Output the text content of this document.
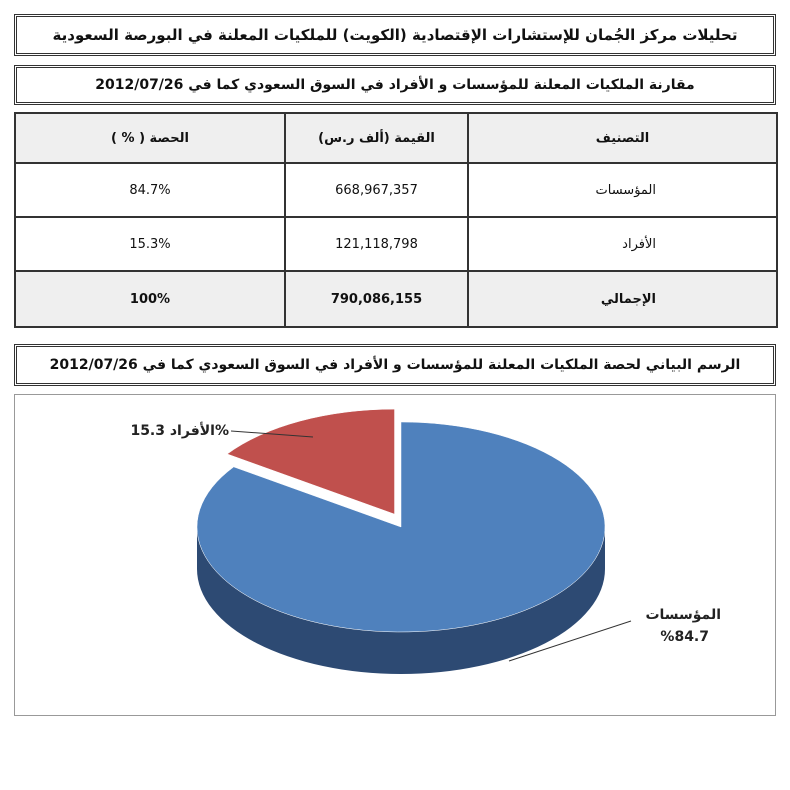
تحليلات مركز الجُمان للإستشارات الإقتصادية (الكويت) للملكيات المعلنة في البورصة السعودية
مقارنة الملكيات المعلنة للمؤسسات و الأفراد في السوق السعودي كما في 2012/07/26
التصنيف	القيمة (ألف ر.س)	الحصة ( % )
المؤسسات	668,967,357	84.7%
الأفراد	121,118,798	15.3%
الإجمالي	790,086,155	100%
الرسم البياني لحصة الملكيات المعلنة للمؤسسات و الأفراد في السوق السعودي كما في 2012/07/26
المؤسسات
%84.7
الأفراد 15.3%
